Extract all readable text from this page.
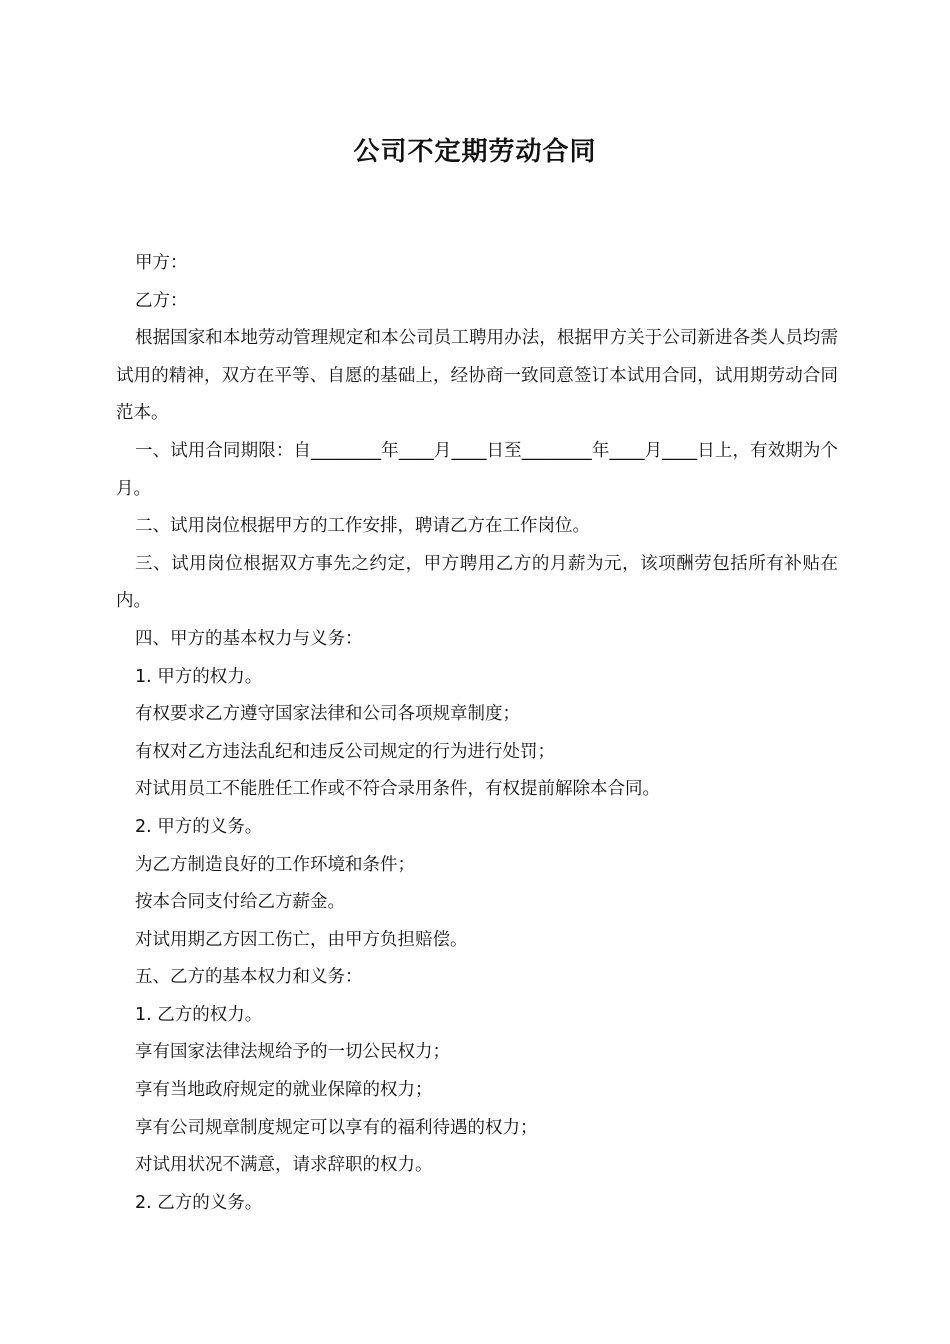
公司不定期劳动合同

甲方：

乙方：

根据国家和本地劳动管理规定和本公司员工聘用办法，根据甲方关于公司新进各类人员均需试用的精神，双方在平等、自愿的基础上，经协商一致同意签订本试用合同，试用期劳动合同范本。

一、试用合同期限：自________年____月____日至________年____月____日上，有效期为个月。

二、试用岗位根据甲方的工作安排，聘请乙方在工作岗位。

三、试用岗位根据双方事先之约定，甲方聘用乙方的月薪为元，该项酬劳包括所有补贴在内。

四、甲方的基本权力与义务：

1. 甲方的权力。

有权要求乙方遵守国家法律和公司各项规章制度；

有权对乙方违法乱纪和违反公司规定的行为进行处罚；

对试用员工不能胜任工作或不符合录用条件，有权提前解除本合同。

2. 甲方的义务。

为乙方制造良好的工作环境和条件；

按本合同支付给乙方薪金。

对试用期乙方因工伤亡，由甲方负担赔偿。

五、乙方的基本权力和义务：

1. 乙方的权力。

享有国家法律法规给予的一切公民权力；

享有当地政府规定的就业保障的权力；

享有公司规章制度规定可以享有的福利待遇的权力；

对试用状况不满意，请求辞职的权力。

2. 乙方的义务。
